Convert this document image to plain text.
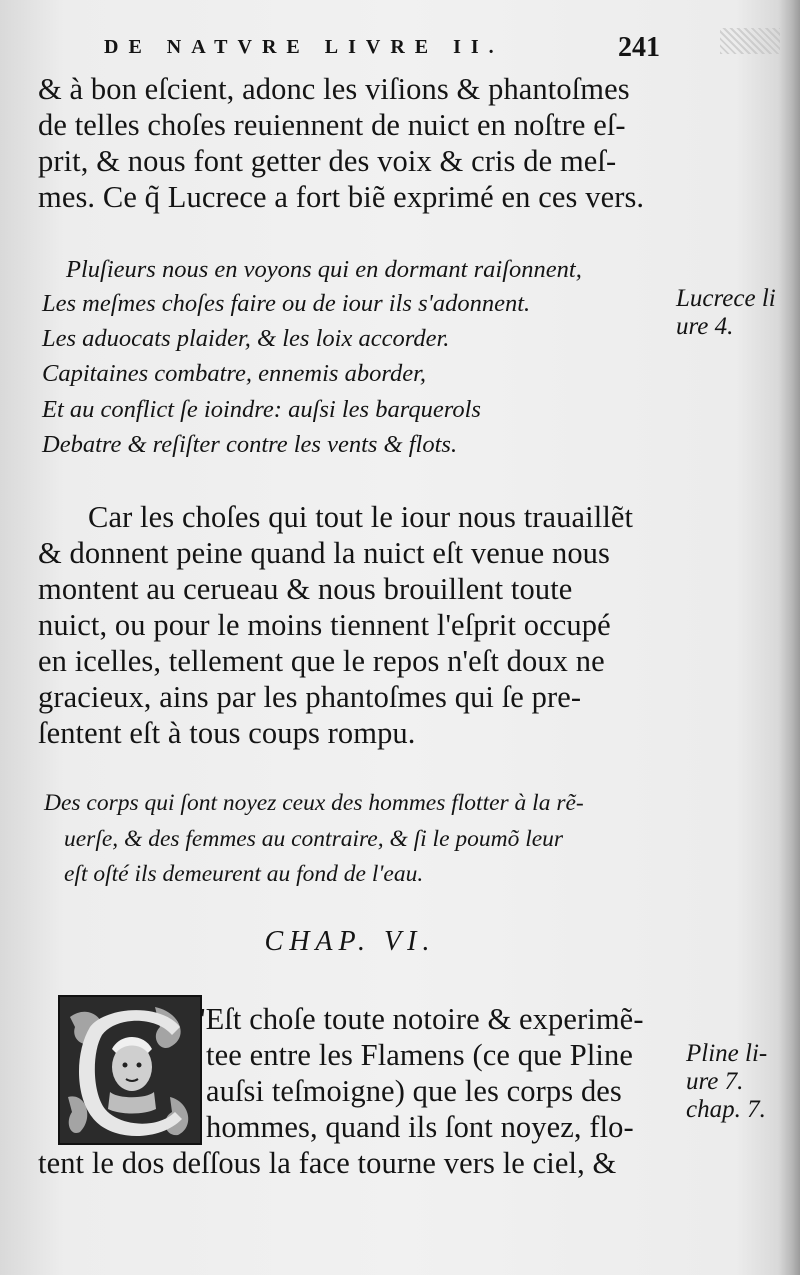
DE NATVRE LIVRE II.	241
& à bon eſcient, adonc les viſions & phantoſmes
de telles choſes reuiennent de nuict en noſtre eſ-
prit, & nous font getter des voix & cris de meſ-
mes. Ce q̃ Lucrece a fort biẽ exprimé en ces vers.
Pluſieurs nous en voyons qui en dormant raiſonnent,
Les meſmes choſes faire ou de iour ils s'adonnent.
Les aduocats plaider, & les loix accorder.
Capitaines combatre, ennemis aborder,
Et au conflict ſe ioindre: auſsi les barquerols
Debatre & reſiſter contre les vents & flots.
Lucrece li
ure 4.
Car les choſes qui tout le iour nous trauaillẽt
& donnent peine quand la nuict eſt venue nous
montent au cerueau & nous brouillent toute
nuict, ou pour le moins tiennent l'eſprit occupé
en icelles, tellement que le repos n'eſt doux ne
gracieux, ains par les phantoſmes qui ſe pre-
ſentent eſt à tous coups rompu.
Des corps qui ſont noyez ceux des hommes flotter à la rẽ-
uerſe, & des femmes au contraire, & ſi le poumõ leur
eſt oſté ils demeurent au fond de l'eau.
CHAP. VI.
'Eſt choſe toute notoire & experimẽ-
tee entre les Flamens (ce que Pline
auſsi teſmoigne) que les corps des
hommes, quand ils ſont noyez, flo-
tent le dos deſſous la face tourne vers le ciel, &
Pline li-
ure 7.
chap. 7.
